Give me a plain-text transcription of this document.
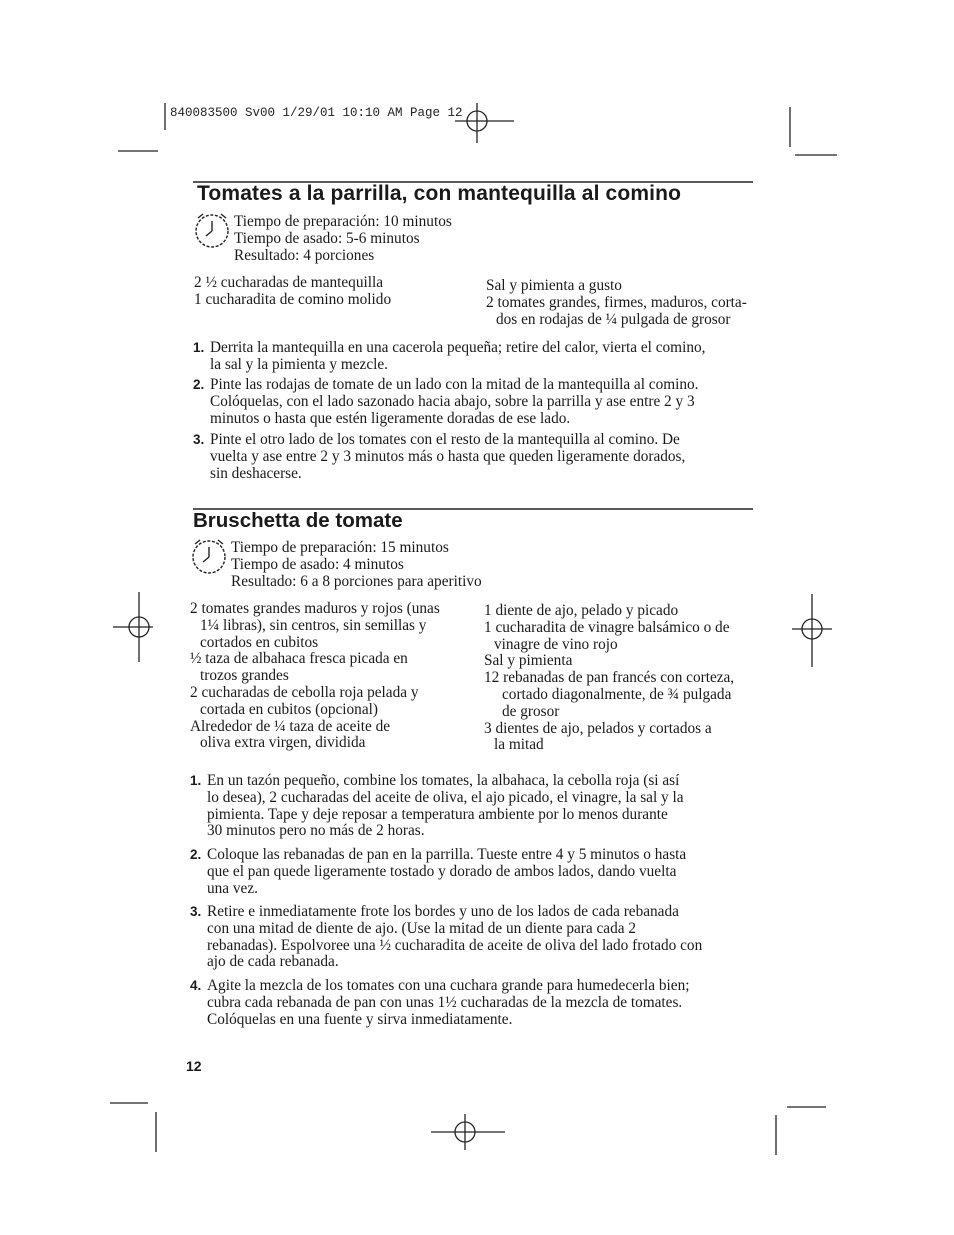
840083500 Sv00 1/29/01 10:10 AM Page 12
Tomates a la parrilla, con mantequilla al comino
Tiempo de preparación: 10 minutos
Tiempo de asado: 5-6 minutos
Resultado: 4 porciones
2 ½ cucharadas de mantequilla
1 cucharadita de comino molido
Sal y pimienta a gusto
2 tomates grandes, firmes, maduros, corta-
dos en rodajas de ¼ pulgada de grosor
1. Derrita la mantequilla en una cacerola pequeña; retire del calor, vierta el comino,
la sal y la pimienta y mezcle.
2. Pinte las rodajas de tomate de un lado con la mitad de la mantequilla al comino.
Colóquelas, con el lado sazonado hacia abajo, sobre la parrilla y ase entre 2 y 3
minutos o hasta que estén ligeramente doradas de ese lado.
3. Pinte el otro lado de los tomates con el resto de la mantequilla al comino. De
vuelta y ase entre 2 y 3 minutos más o hasta que queden ligeramente dorados,
sin deshacerse.
Bruschetta de tomate
Tiempo de preparación: 15 minutos
Tiempo de asado: 4 minutos
Resultado: 6 a 8 porciones para aperitivo
2 tomates grandes maduros y rojos (unas
1¼ libras), sin centros, sin semillas y
cortados en cubitos
½ taza de albahaca fresca picada en
trozos grandes
2 cucharadas de cebolla roja pelada y
cortada en cubitos (opcional)
Alrededor de ¼ taza de aceite de
oliva extra virgen, dividida
1 diente de ajo, pelado y picado
1 cucharadita de vinagre balsámico o de
vinagre de vino rojo
Sal y pimienta
12 rebanadas de pan francés con corteza,
cortado diagonalmente, de ¾ pulgada
de grosor
3 dientes de ajo, pelados y cortados a
la mitad
1. En un tazón pequeño, combine los tomates, la albahaca, la cebolla roja (si así
lo desea), 2 cucharadas del aceite de oliva, el ajo picado, el vinagre, la sal y la
pimienta. Tape y deje reposar a temperatura ambiente por lo menos durante
30 minutos pero no más de 2 horas.
2. Coloque las rebanadas de pan en la parrilla. Tueste entre 4 y 5 minutos o hasta
que el pan quede ligeramente tostado y dorado de ambos lados, dando vuelta
una vez.
3. Retire e inmediatamente frote los bordes y uno de los lados de cada rebanada
con una mitad de diente de ajo. (Use la mitad de un diente para cada 2
rebanadas). Espolvoree una ½ cucharadita de aceite de oliva del lado frotado con
ajo de cada rebanada.
4. Agite la mezcla de los tomates con una cuchara grande para humedecerla bien;
cubra cada rebanada de pan con unas 1½ cucharadas de la mezcla de tomates.
Colóquelas en una fuente y sirva inmediatamente.
12
